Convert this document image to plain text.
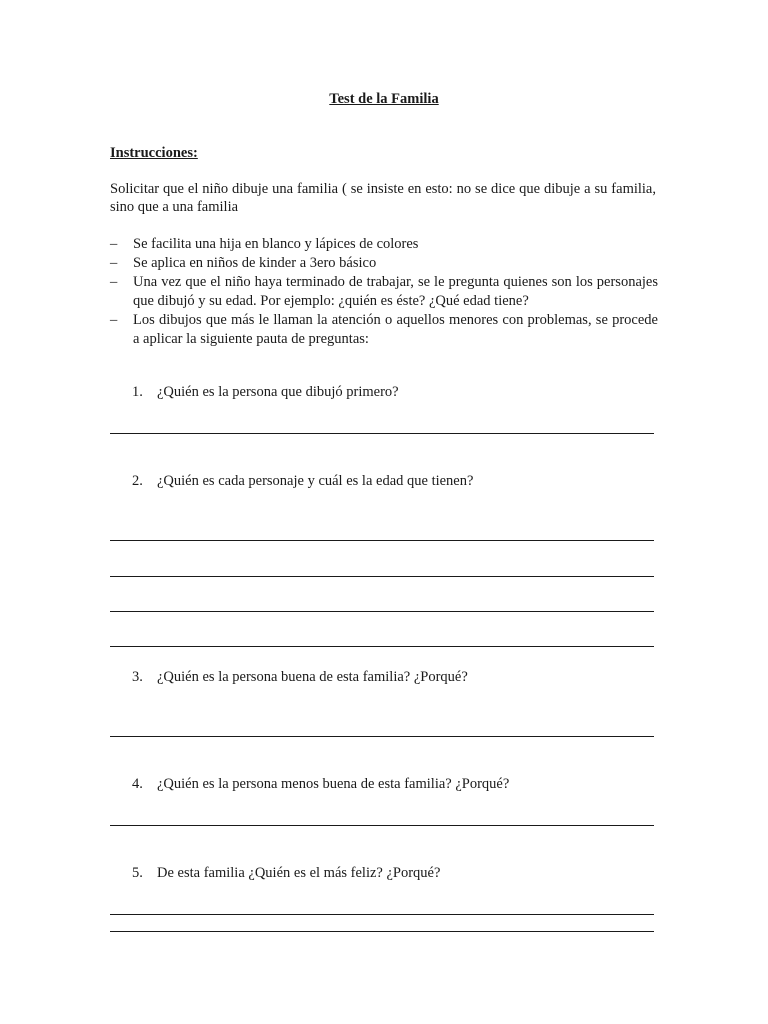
Test de la Familia
Instrucciones:

Solicitar que el niño dibuje una familia ( se insiste en esto: no se dice que dibuje a su familia, sino que a una familia

– Se facilita una hija en blanco y lápices de colores
– Se aplica en niños de kinder a 3ero básico
– Una vez que el niño haya terminado de trabajar, se le pregunta quienes son los personajes que dibujó y su edad. Por ejemplo: ¿quién es éste? ¿Qué edad tiene?
– Los dibujos que más le llaman la atención o aquellos menores con problemas, se procede a aplicar la siguiente pauta de preguntas:

1. ¿Quién es la persona que dibujó primero?

2. ¿Quién es cada personaje y cuál es la edad que tienen?

3. ¿Quién es la persona buena de esta familia? ¿Porqué?

4. ¿Quién es la persona menos buena de esta familia? ¿Porqué?

5. De esta familia ¿Quién es el más feliz? ¿Porqué?
